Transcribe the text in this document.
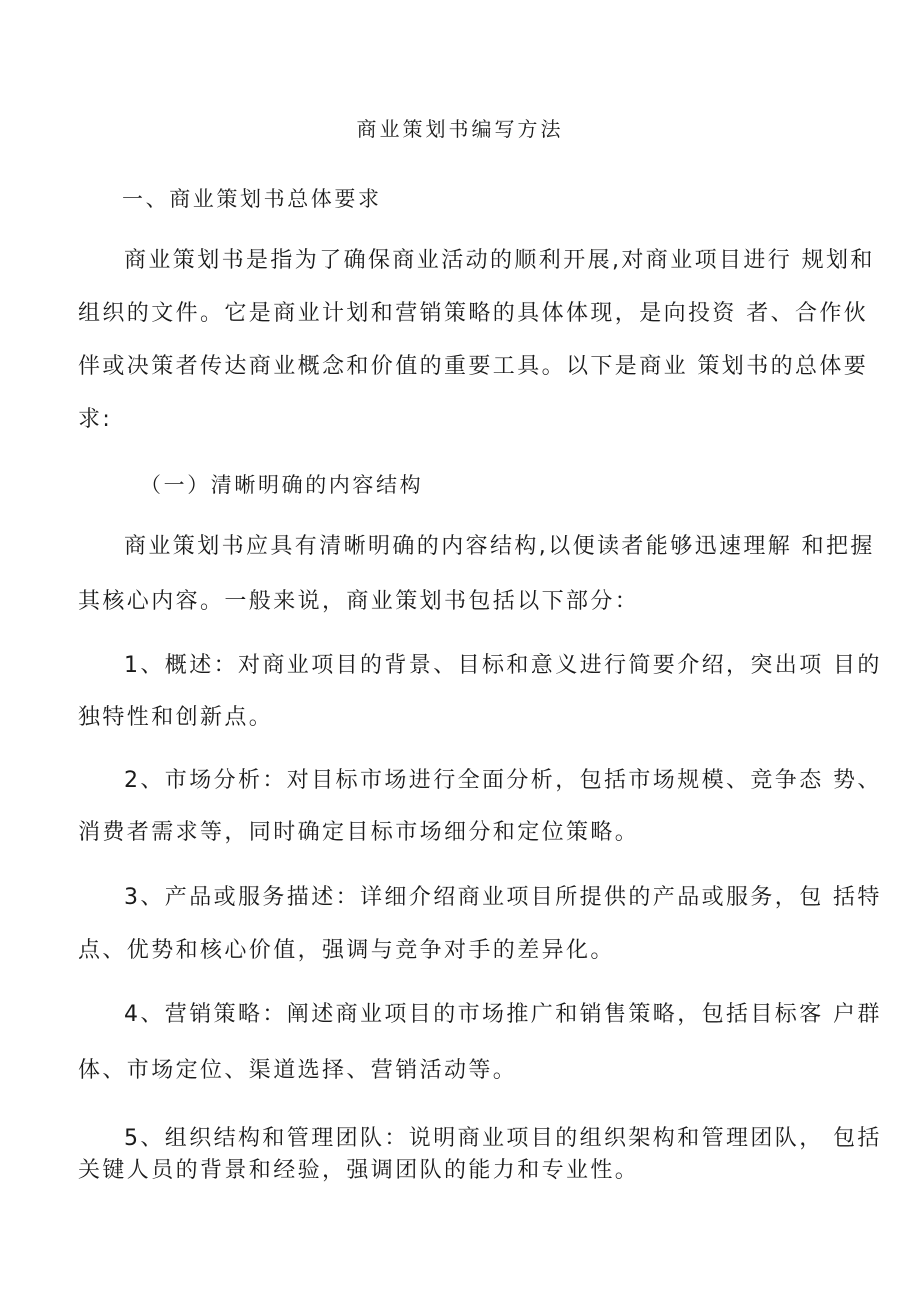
商业策划书编写方法
一、商业策划书总体要求
商业策划书是指为了确保商业活动的顺利开展,对商业项目进行 规划和
组织的文件。它是商业计划和营销策略的具体体现，是向投资 者、合作伙
伴或决策者传达商业概念和价值的重要工具。以下是商业 策划书的总体要
求:
（一）清晰明确的内容结构
商业策划书应具有清晰明确的内容结构,以便读者能够迅速理解 和把握
其核心内容。一般来说，商业策划书包括以下部分：
1、概述：对商业项目的背景、目标和意义进行简要介绍，突出项 目的
独特性和创新点。
2、市场分析：对目标市场进行全面分析，包括市场规模、竞争态 势、
消费者需求等，同时确定目标市场细分和定位策略。
3、产品或服务描述：详细介绍商业项目所提供的产品或服务，包 括特
点、优势和核心价值，强调与竞争对手的差异化。
4、营销策略：阐述商业项目的市场推广和销售策略，包括目标客 户群
体、市场定位、渠道选择、营销活动等。
5、组织结构和管理团队：说明商业项目的组织架构和管理团队， 包括
关键人员的背景和经验，强调团队的能力和专业性。
